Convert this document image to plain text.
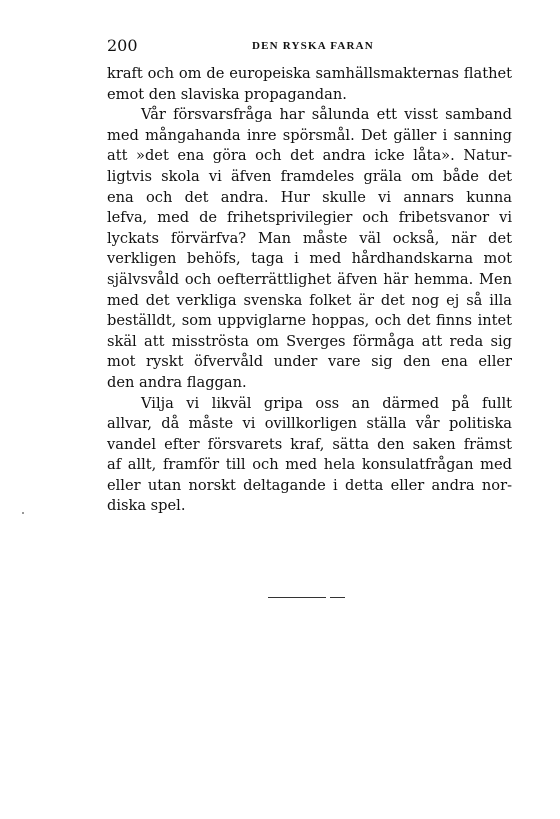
200	DEN RYSKA FARAN
kraft och om de europeiska samhällsmakternas flathet
emot den slaviska propagandan.
Vår försvarsfråga har sålunda ett visst samband
med mångahanda inre spörsmål. Det gäller i sanning
att »det ena göra och det andra icke låta». Natur-
ligtvis skola vi äfven framdeles gräla om både det
ena och det andra. Hur skulle vi annars kunna
lefva, med de frihetsprivilegier och fribetsvanor vi
lyckats förvärfva? Man måste väl också, när det
verkligen behöfs, taga i med hårdhandskarna mot
självsvåld och oefterrättlighet äfven här hemma. Men
med det verkliga svenska folket är det nog ej så illa
beställdt, som uppviglarne hoppas, och det finns intet
skäl att misströsta om Sverges förmåga att reda sig
mot ryskt öfvervåld under vare sig den ena eller
den andra flaggan.
Vilja vi likväl gripa oss an därmed på fullt
allvar, då måste vi ovillkorligen ställa vår politiska
vandel efter försvarets kraf, sätta den saken främst
af allt, framför till och med hela konsulatfrågan med
eller utan norskt deltagande i detta eller andra nor-
diska spel.
